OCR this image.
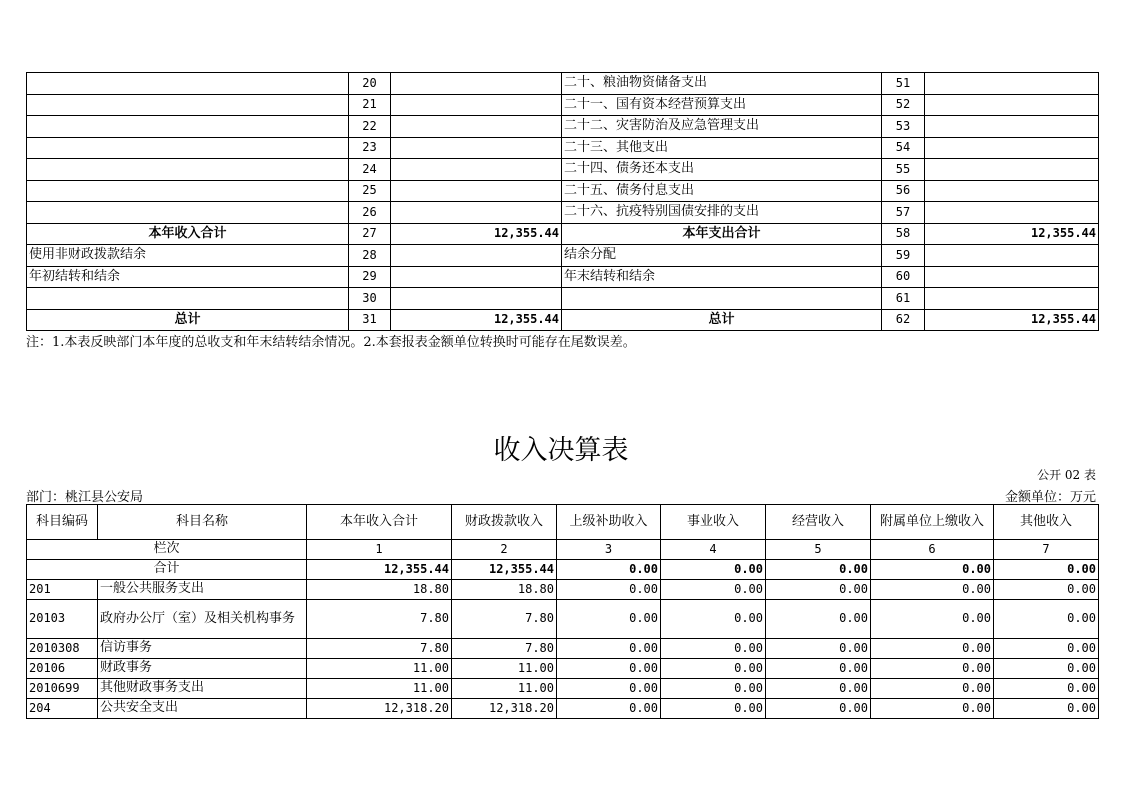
	20		二十、粮油物资储备支出	51	
	21		二十一、国有资本经营预算支出	52	
	22		二十二、灾害防治及应急管理支出	53	
	23		二十三、其他支出	54	
	24		二十四、债务还本支出	55	
	25		二十五、债务付息支出	56	
	26		二十六、抗疫特别国债安排的支出	57	
本年收入合计	27	12,355.44	本年支出合计	58	12,355.44
使用非财政拨款结余	28		结余分配	59	
年初结转和结余	29		年末结转和结余	60	
	30			61	
总计	31	12,355.44	总计	62	12,355.44
注：1.本表反映部门本年度的总收支和年末结转结余情况。2.本套报表金额单位转换时可能存在尾数误差。
收入决算表
公开 02 表
部门：桃江县公安局	金额单位：万元
科目编码	科目名称	本年收入合计	财政拨款收入	上级补助收入	事业收入	经营收入	附属单位上缴收入	其他收入
栏次		1	2	3	4	5	6	7
合计		12,355.44	12,355.44	0.00	0.00	0.00	0.00	0.00
201	一般公共服务支出	18.80	18.80	0.00	0.00	0.00	0.00	0.00
20103	政府办公厅（室）及相关机构事务	7.80	7.80	0.00	0.00	0.00	0.00	0.00
2010308	信访事务	7.80	7.80	0.00	0.00	0.00	0.00	0.00
20106	财政事务	11.00	11.00	0.00	0.00	0.00	0.00	0.00
2010699	其他财政事务支出	11.00	11.00	0.00	0.00	0.00	0.00	0.00
204	公共安全支出	12,318.20	12,318.20	0.00	0.00	0.00	0.00	0.00
